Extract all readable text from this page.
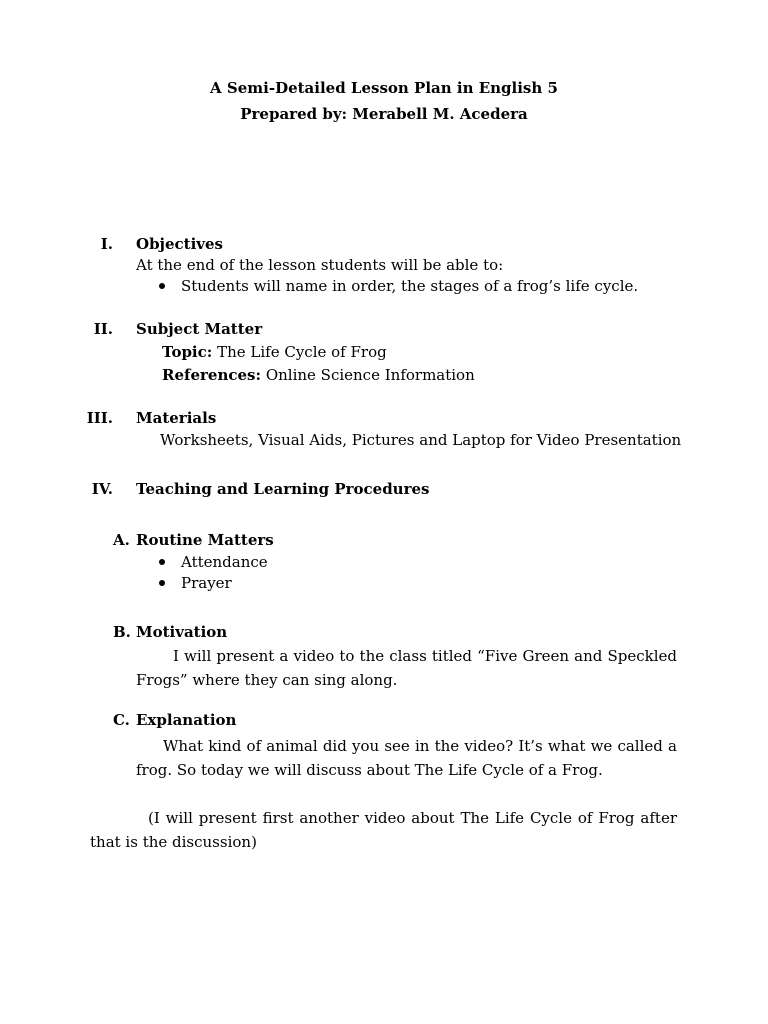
A Semi-Detailed Lesson Plan in English 5
Prepared by: Merabell M. Acedera
I. Objectives
At the end of the lesson students will be able to:
Students will name in order, the stages of a frog’s life cycle.
II. Subject Matter
Topic: The Life Cycle of Frog
References: Online Science Information
III. Materials
Worksheets, Visual Aids, Pictures and Laptop for Video Presentation
IV. Teaching and Learning Procedures
A. Routine Matters
Attendance
Prayer
B. Motivation
I will present a video to the class titled “Five Green and Speckled Frogs” where they can sing along.
C. Explanation
What kind of animal did you see in the video? It’s what we called a frog. So today we will discuss about The Life Cycle of a Frog.
(I will present first another video about The Life Cycle of Frog after that is the discussion)
